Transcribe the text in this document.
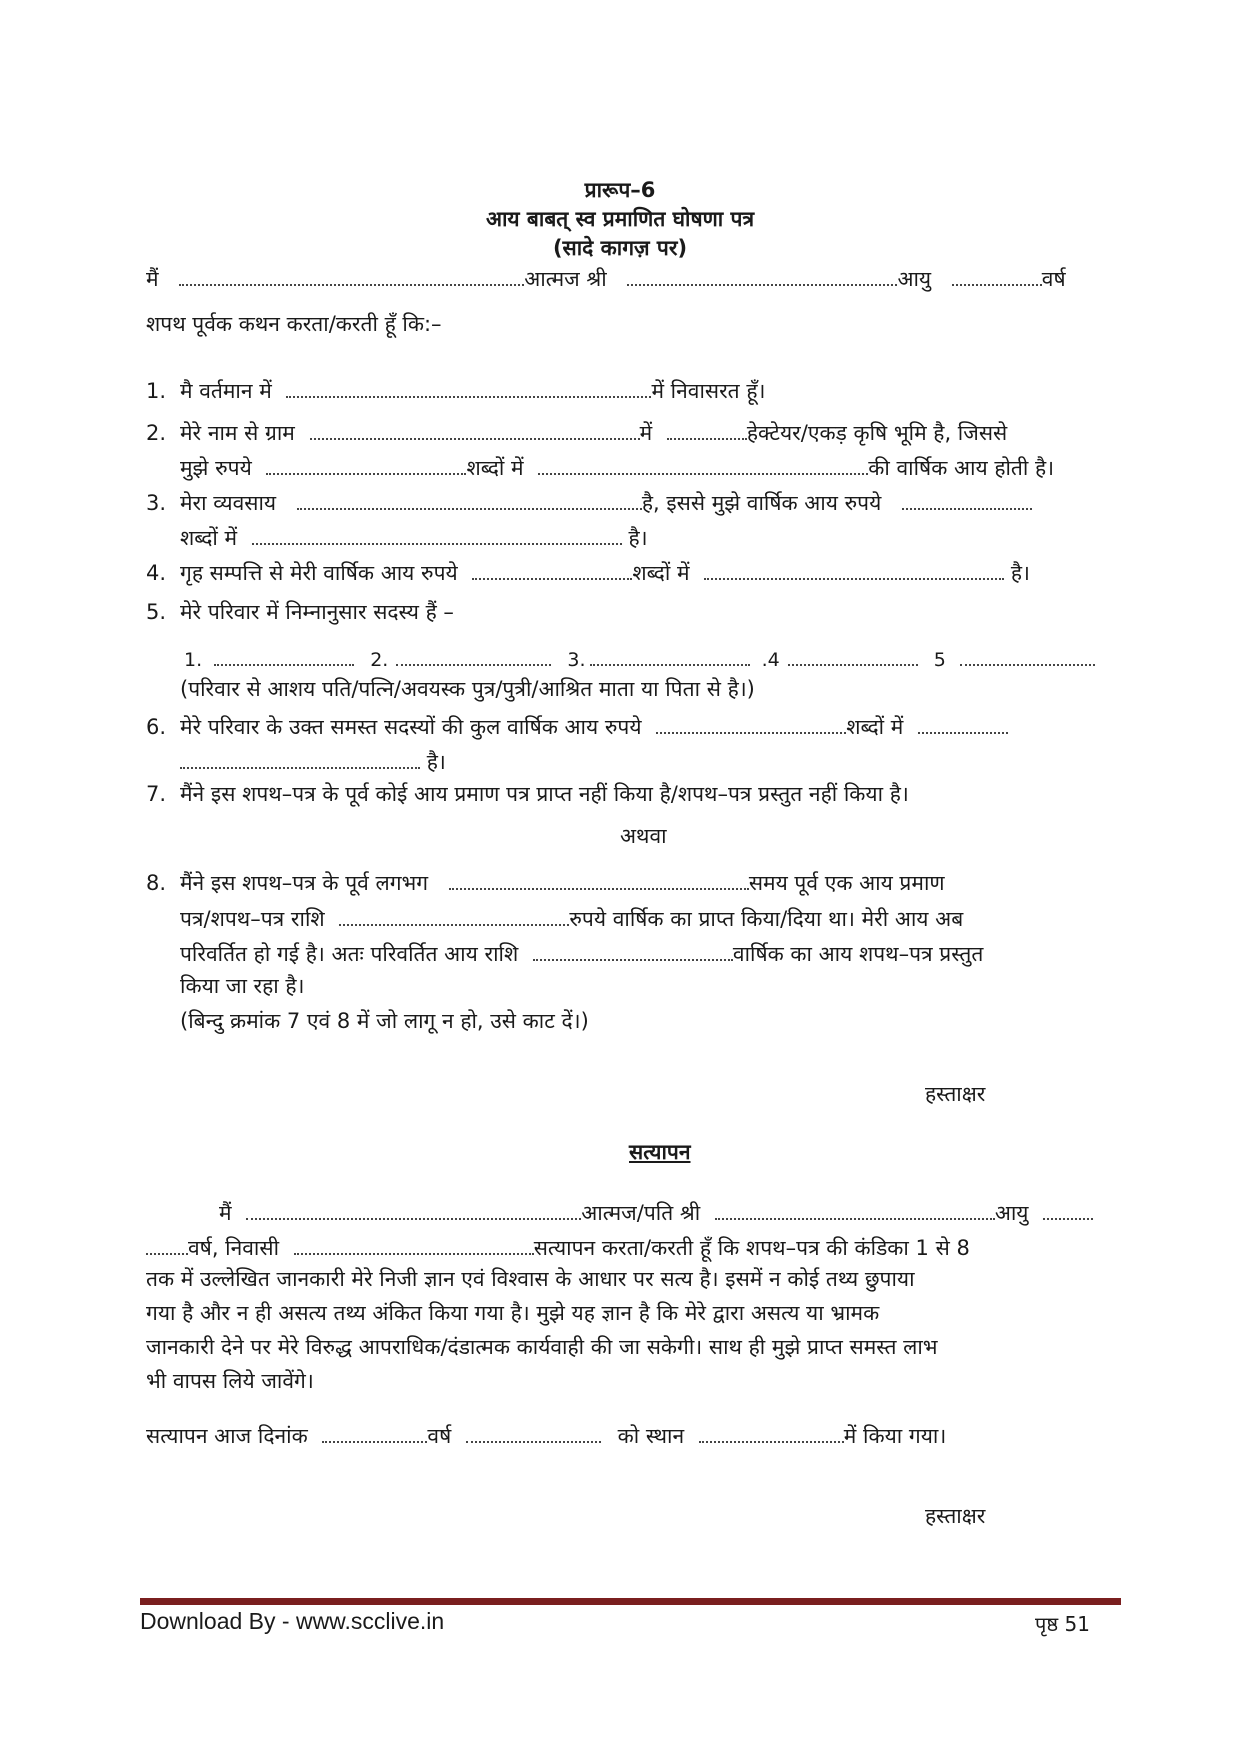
प्रारूप–6
आय बाबत् स्व प्रमाणित घोषणा पत्र
(सादे कागज़ पर)
मैं	आत्मज श्री	आयु	वर्ष
शपथ पूर्वक कथन करता/करती हूँ कि:–
1. मै वर्तमान में	में निवासरत हूँ।
2. मेरे नाम से ग्राम	में	हेक्टेयर/एकड़ कृषि भूमि है, जिससे
मुझे रुपये	शब्दों में	की वार्षिक आय होती है।
3. मेरा व्यवसाय	है, इससे मुझे वार्षिक आय रुपये
शब्दों में	है।
4. गृह सम्पत्ति से मेरी वार्षिक आय रुपये	शब्दों में	है।
5. मेरे परिवार में निम्नानुसार सदस्य हैं –
1.	2.	3.	.4	5
(परिवार से आशय पति/पत्नि/अवयस्क पुत्र/पुत्री/आश्रित माता या पिता से है।)
6. मेरे परिवार के उक्त समस्त सदस्यों की कुल वार्षिक आय रुपये	शब्दों में
है।
7. मैंने इस शपथ–पत्र के पूर्व कोई आय प्रमाण पत्र प्राप्त नहीं किया है/शपथ–पत्र प्रस्तुत नहीं किया है।
अथवा
8. मैंने इस शपथ–पत्र के पूर्व लगभग	समय पूर्व एक आय प्रमाण
पत्र/शपथ–पत्र राशि	रुपये वार्षिक का प्राप्त किया/दिया था। मेरी आय अब
परिवर्तित हो गई है। अतः परिवर्तित आय राशि	वार्षिक का आय शपथ–पत्र प्रस्तुत
किया जा रहा है।
(बिन्दु क्रमांक 7 एवं 8 में जो लागू न हो, उसे काट दें।)
हस्ताक्षर
सत्यापन
मैं	आत्मज/पति श्री	आयु
वर्ष, निवासी	सत्यापन करता/करती हूँ कि शपथ–पत्र की कंडिका 1 से 8
तक में उल्लेखित जानकारी मेरे निजी ज्ञान एवं विश्वास के आधार पर सत्य है। इसमें न कोई तथ्य छुपाया
गया है और न ही असत्य तथ्य अंकित किया गया है। मुझे यह ज्ञान है कि मेरे द्वारा असत्य या भ्रामक
जानकारी देने पर मेरे विरुद्ध आपराधिक/दंडात्मक कार्यवाही की जा सकेगी। साथ ही मुझे प्राप्त समस्त लाभ
भी वापस लिये जावेंगे।
सत्यापन आज दिनांक	वर्ष	को स्थान	में किया गया।
हस्ताक्षर
Download By - www.scclive.in	पृष्ठ 51
